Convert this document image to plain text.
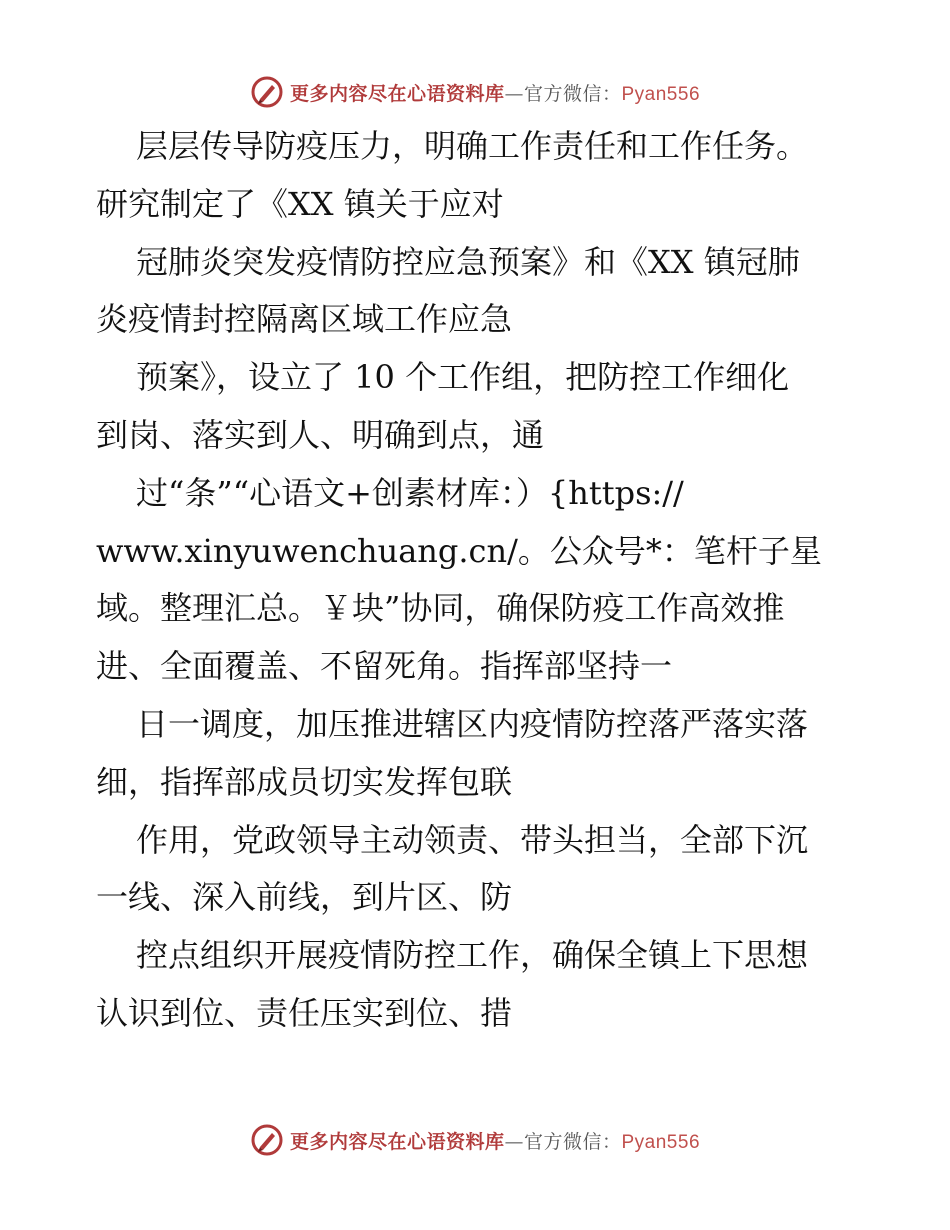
更多内容尽在心语资料库—官方微信：Pyan556
层层传导防疫压力，明确工作责任和工作任务。
研究制定了《XX 镇关于应对
冠肺炎突发疫情防控应急预案》和《XX 镇冠肺
炎疫情封控隔离区域工作应急
预案》，设立了 10 个工作组，把防控工作细化
到岗、落实到人、明确到点，通
过“条”“心语文+创素材库：）{https://
www.xinyuwenchuang.cn/。公众号*：笔杆子星
域。整理汇总。￥块”协同，确保防疫工作高效推
进、全面覆盖、不留死角。指挥部坚持一
日一调度，加压推进辖区内疫情防控落严落实落
细，指挥部成员切实发挥包联
作用，党政领导主动领责、带头担当，全部下沉
一线、深入前线，到片区、防
控点组织开展疫情防控工作，确保全镇上下思想
认识到位、责任压实到位、措
更多内容尽在心语资料库—官方微信：Pyan556
